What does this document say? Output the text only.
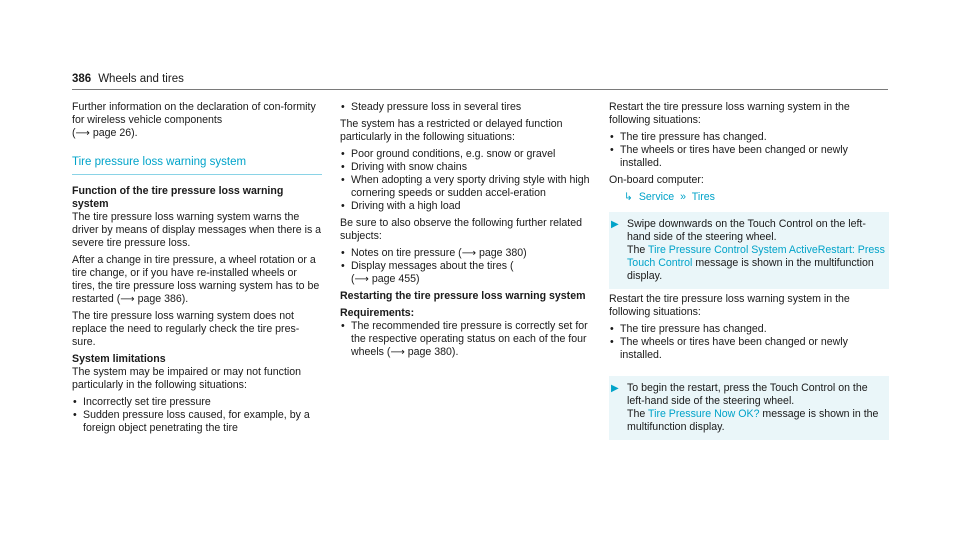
386 Wheels and tires

Further information on the declaration of con-formity for wireless vehicle components
(⟶ page 26).

Tire pressure loss warning system

Function of the tire pressure loss warning system

The tire pressure loss warning system warns the driver by means of display messages when there is a severe tire pressure loss.

After a change in tire pressure, a wheel rotation or a tire change, or if you have re-installed wheels or tires, the tire pressure loss warning system has to be restarted (⟶ page 386).

The tire pressure loss warning system does not replace the need to regularly check the tire pres-sure.

System limitations

The system may be impaired or may not function particularly in the following situations:

• Incorrectly set tire pressure
• Sudden pressure loss caused, for example, by a foreign object penetrating the tire
• Steady pressure loss in several tires

The system has a restricted or delayed function particularly in the following situations:

• Poor ground conditions, e.g. snow or gravel
• Driving with snow chains
• When adopting a very sporty driving style with high cornering speeds or sudden accel-eration
• Driving with a high load

Be sure to also observe the following further related subjects:

• Notes on tire pressure (⟶ page 380)
• Display messages about the tires (
(⟶ page 455)

Restarting the tire pressure loss warning system

Requirements:

• The recommended tire pressure is correctly set for the respective operating status on each of the four wheels (⟶ page 380).

Restart the tire pressure loss warning system in the following situations:

• The tire pressure has changed.
• The wheels or tires have been changed or newly installed.

On-board computer:

↳ Service » Tires
▶ Swipe downwards on the Touch Control on the left-hand side of the steering wheel.
The Tire Pressure Control System ActiveRestart: Press Touch Control message is shown in the multifunction display.

Restart the tire pressure loss warning system in the following situations:

• The tire pressure has changed.
• The wheels or tires have been changed or newly installed.
▶ To begin the restart, press the Touch Control on the left-hand side of the steering wheel.
The Tire Pressure Now OK? message is shown in the multifunction display.
